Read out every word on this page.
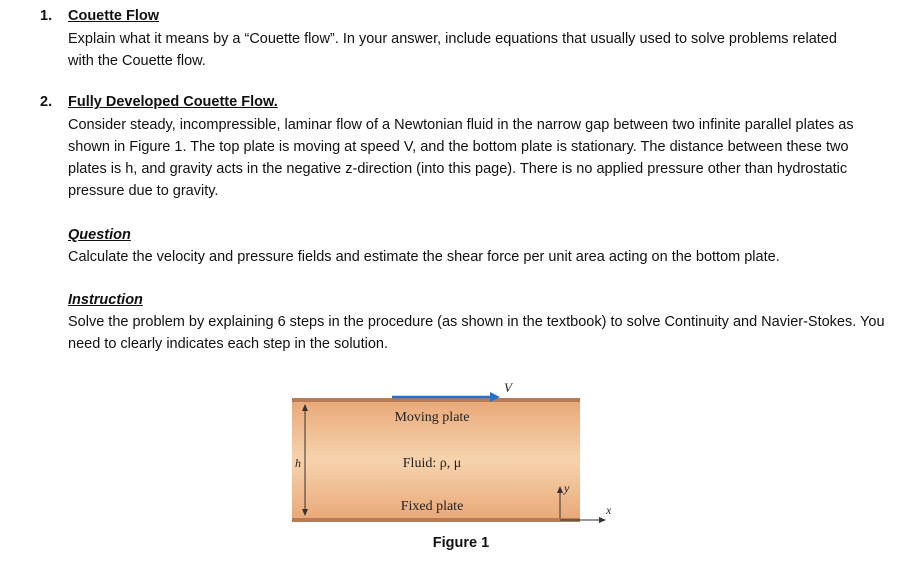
1. Couette Flow

Explain what it means by a “Couette flow”. In your answer, include equations that usually used to solve problems related with the Couette flow.

2. Fully Developed Couette Flow.

Consider steady, incompressible, laminar flow of a Newtonian fluid in the narrow gap between two infinite parallel plates as shown in Figure 1. The top plate is moving at speed V, and the bottom plate is stationary. The distance between these two plates is h, and gravity acts in the negative z-direction (into this page). There is no applied pressure other than hydrostatic pressure due to gravity.

Question

Calculate the velocity and pressure fields and estimate the shear force per unit area acting on the bottom plate.

Instruction

Solve the problem by explaining 6 steps in the procedure (as shown in the textbook) to solve Continuity and Navier-Stokes. You need to clearly indicates each step in the solution.

V
Moving plate
Fluid: ρ, μ
Fixed plate
h
y
x
Figure 1
